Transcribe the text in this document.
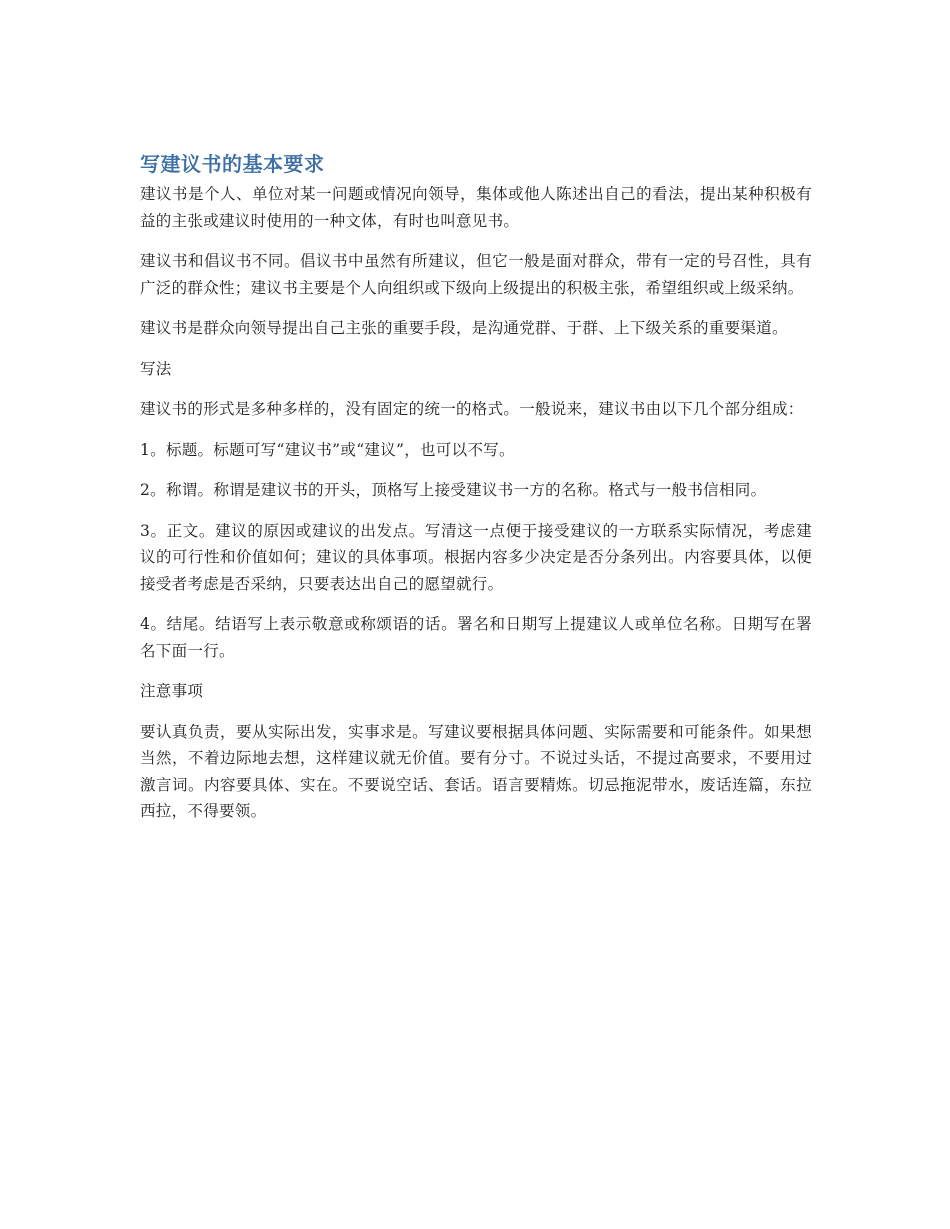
写建议书的基本要求

建议书是个人、单位对某一问题或情况向领导，集体或他人陈述出自己的看法，提出某种积极有益的主张或建议时使用的一种文体，有时也叫意见书。

建议书和倡议书不同。倡议书中虽然有所建议，但它一般是面对群众，带有一定的号召性，具有广泛的群众性；建议书主要是个人向组织或下级向上级提出的积极主张，希望组织或上级采纳。

建议书是群众向领导提出自己主张的重要手段，是沟通党群、于群、上下级关系的重要渠道。

写法

建议书的形式是多种多样的，没有固定的统一的格式。一般说来，建议书由以下几个部分组成：

1。标题。标题可写“建议书”或“建议”，也可以不写。

2。称谓。称谓是建议书的开头，顶格写上接受建议书一方的名称。格式与一般书信相同。

3。正文。建议的原因或建议的出发点。写清这一点便于接受建议的一方联系实际情况，考虑建议的可行性和价值如何；建议的具体事项。根据内容多少决定是否分条列出。内容要具体，以便接受者考虑是否采纳，只要表达出自己的愿望就行。

4。结尾。结语写上表示敬意或称颂语的话。署名和日期写上提建议人或单位名称。日期写在署名下面一行。

注意事项

要认真负责，要从实际出发，实事求是。写建议要根据具体问题、实际需要和可能条件。如果想当然，不着边际地去想，这样建议就无价值。要有分寸。不说过头话，不提过高要求，不要用过激言词。内容要具体、实在。不要说空话、套话。语言要精炼。切忌拖泥带水，废话连篇，东拉西拉，不得要领。
